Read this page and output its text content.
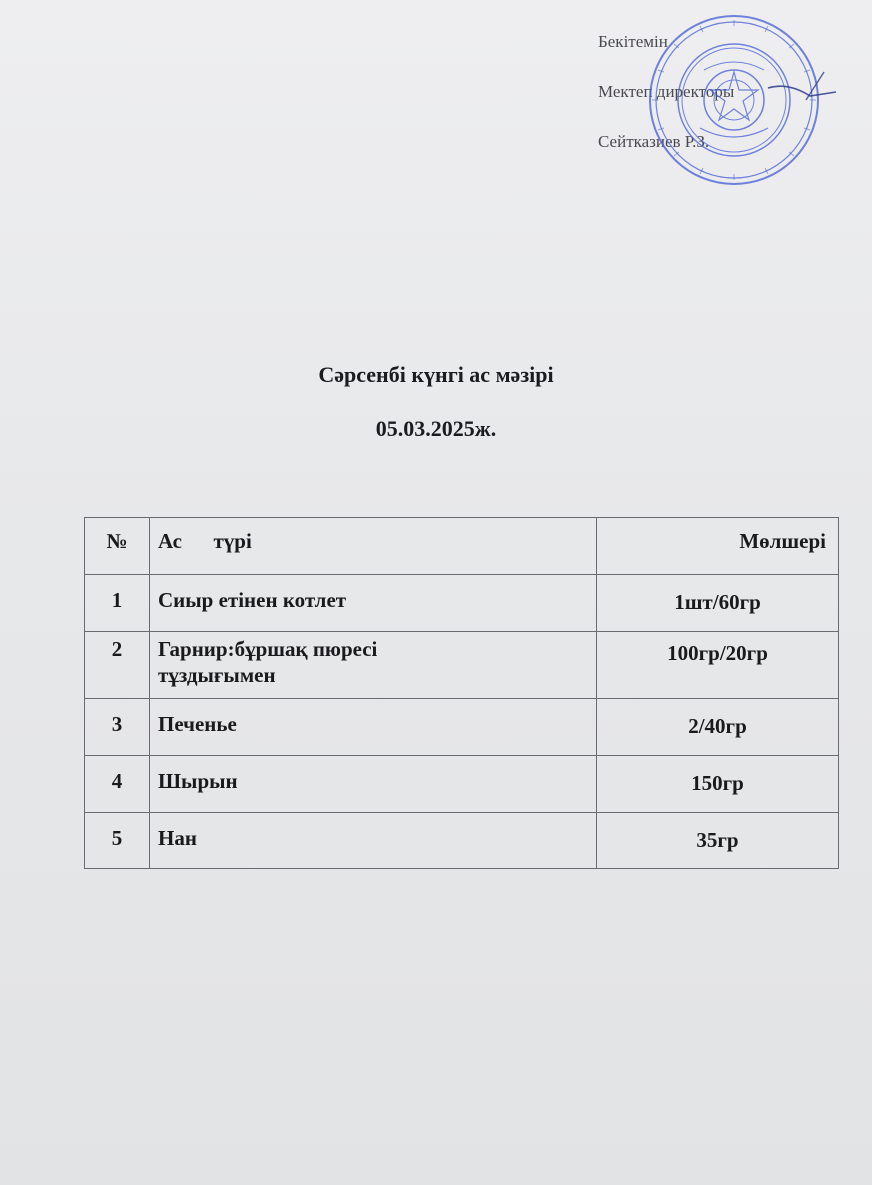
Бекітемін
Мектеп директоры
Сейтказиев Р.З.
Сәрсенбі күнгі ас мәзірі
05.03.2025ж.
№	Ас      түрі	Мөлшері

1	Сиыр етінен котлет	1шт/60гр

2	Гарнир:бұршақ пюресі тұздығымен	100гр/20гр

3	Печенье	2/40гр

4	Шырын	150гр

5	Нан	35гр
